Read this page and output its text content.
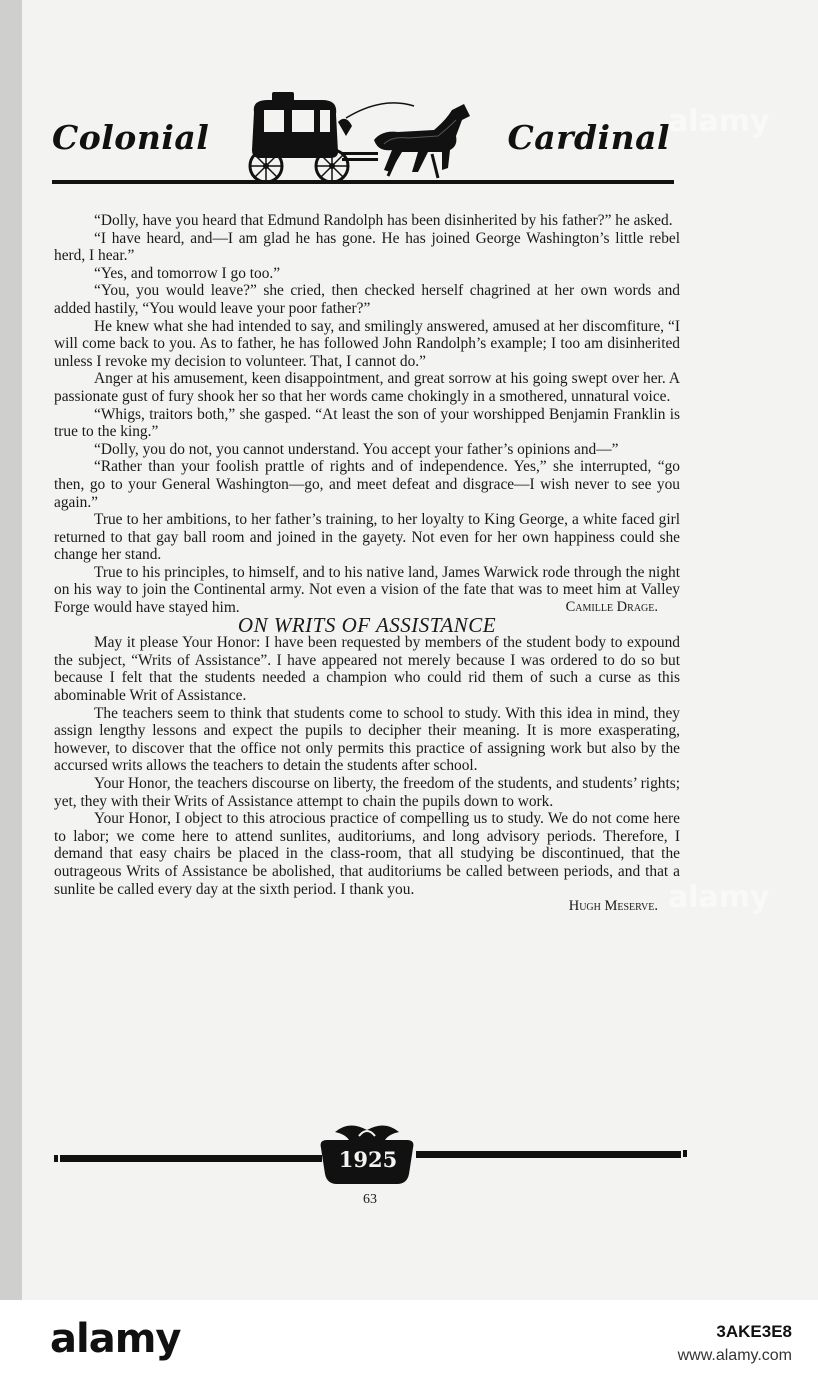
Colonial	Cardinal

“Dolly, have you heard that Edmund Randolph has been disinherited by his father?” he asked.

“I have heard, and—I am glad he has gone. He has joined George Washington’s little rebel herd, I hear.”

“Yes, and tomorrow I go too.”

“You, you would leave?” she cried, then checked herself chagrined at her own words and added hastily, “You would leave your poor father?”

He knew what she had intended to say, and smilingly answered, amused at her discomfiture, “I will come back to you. As to father, he has followed John Randolph’s example; I too am disinherited unless I revoke my decision to volunteer. That, I cannot do.”

Anger at his amusement, keen disappointment, and great sorrow at his going swept over her. A passionate gust of fury shook her so that her words came chokingly in a smothered, unnatural voice.

“Whigs, traitors both,” she gasped. “At least the son of your worshipped Benjamin Franklin is true to the king.”

“Dolly, you do not, you cannot understand. You accept your father’s opinions and—”

“Rather than your foolish prattle of rights and of independence. Yes,” she interrupted, “go then, go to your General Washington—go, and meet defeat and disgrace—I wish never to see you again.”

True to her ambitions, to her father’s training, to her loyalty to King George, a white faced girl returned to that gay ball room and joined in the gayety. Not even for her own happiness could she change her stand.

True to his principles, to himself, and to his native land, James Warwick rode through the night on his way to join the Continental army. Not even a vision of the fate that was to meet him at Valley Forge would have stayed him.	Camille Drage.

ON WRITS OF ASSISTANCE

May it please Your Honor: I have been requested by members of the student body to expound the subject, “Writs of Assistance”. I have appeared not merely because I was ordered to do so but because I felt that the students needed a champion who could rid them of such a curse as this abominable Writ of Assistance.

The teachers seem to think that students come to school to study. With this idea in mind, they assign lengthy lessons and expect the pupils to decipher their meaning. It is more exasperating, however, to discover that the office not only permits this practice of assigning work but also by the accursed writs allows the teachers to detain the students after school.

Your Honor, the teachers discourse on liberty, the freedom of the students, and students’ rights; yet, they with their Writs of Assistance attempt to chain the pupils down to work.

Your Honor, I object to this atrocious practice of compelling us to study. We do not come here to labor; we come here to attend sunlites, auditoriums, and long advisory periods. Therefore, I demand that easy chairs be placed in the class-room, that all studying be discontinued, that the outrageous Writs of Assistance be abolished, that auditoriums be called between periods, and that a sunlite be called every day at the sixth period. I thank you.

Hugh Meserve.
1925
63
alamy
alamy
alamy	3AKE3E8
www.alamy.com
